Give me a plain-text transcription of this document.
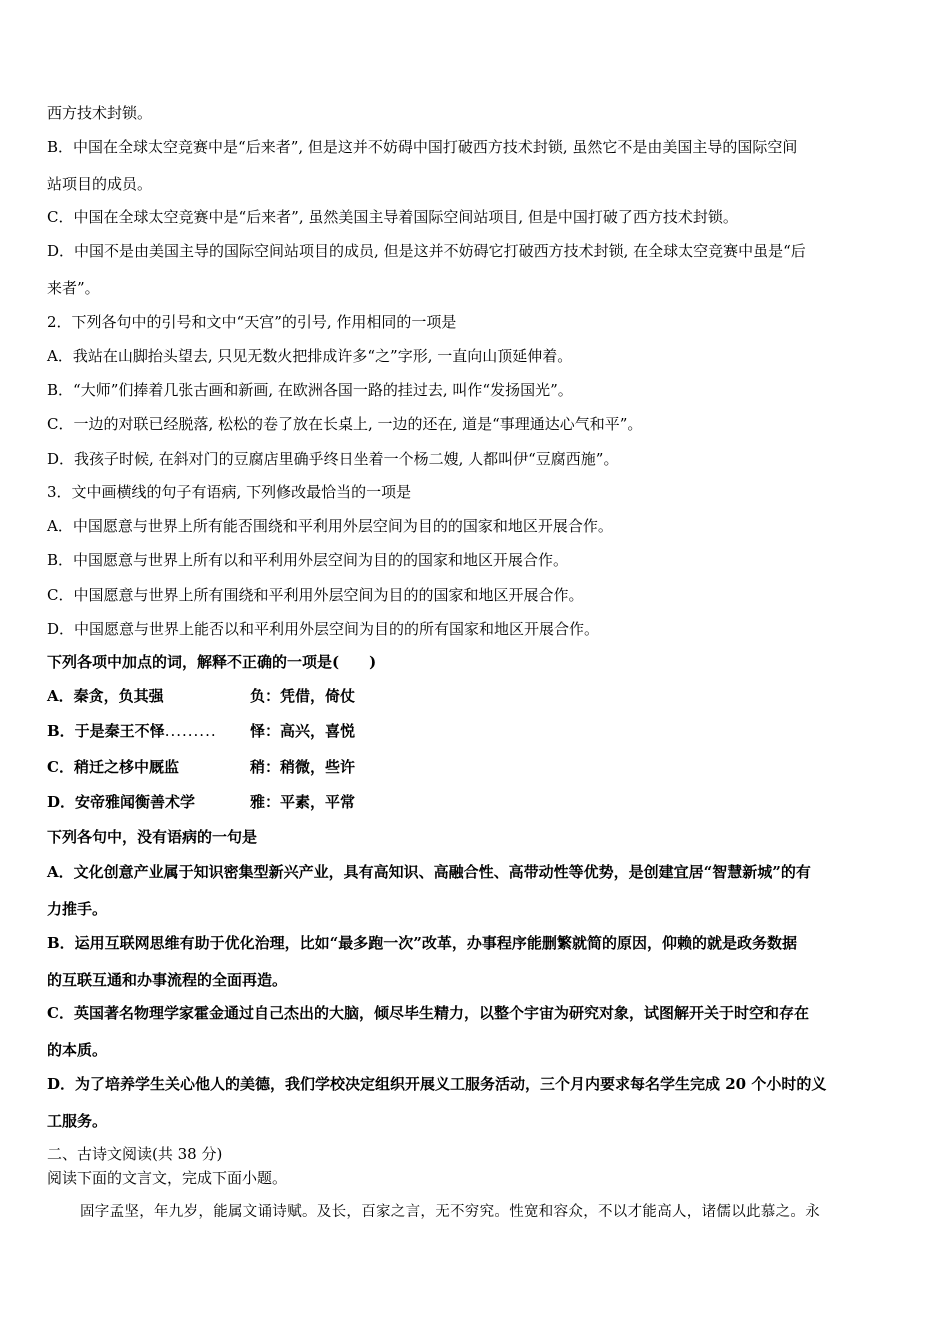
西方技术封锁。
B．中国在全球太空竞赛中是“后来者”, 但是这并不妨碍中国打破西方技术封锁, 虽然它不是由美国主导的国际空间
站项目的成员。
C．中国在全球太空竞赛中是“后来者”, 虽然美国主导着国际空间站项目, 但是中国打破了西方技术封锁。
D．中国不是由美国主导的国际空间站项目的成员, 但是这并不妨碍它打破西方技术封锁, 在全球太空竞赛中虽是“后
来者”。
2．下列各句中的引号和文中“天宫”的引号, 作用相同的一项是
A．我站在山脚抬头望去, 只见无数火把排成许多“之”字形, 一直向山顶延伸着。
B．“大师”们捧着几张古画和新画, 在欧洲各国一路的挂过去, 叫作“发扬国光”。
C．一边的对联已经脱落, 松松的卷了放在长桌上, 一边的还在, 道是“事理通达心气和平”。
D．我孩子时候, 在斜对门的豆腐店里确乎终日坐着一个杨二嫂, 人都叫伊“豆腐西施”。
3．文中画横线的句子有语病, 下列修改最恰当的一项是
A．中国愿意与世界上所有能否围绕和平利用外层空间为目的的国家和地区开展合作。
B．中国愿意与世界上所有以和平利用外层空间为目的的国家和地区开展合作。
C．中国愿意与世界上所有围绕和平利用外层空间为目的的国家和地区开展合作。
D．中国愿意与世界上能否以和平利用外层空间为目的的所有国家和地区开展合作。
下列各项中加点的词，解释不正确的一项是(　　)
A．秦贪，负其强	负：凭借，倚仗
B．于是秦王不怿......... 怿：高兴，喜悦
C．稍迁之栘中厩监	稍：稍微，些许
D．安帝雅闻衡善术学	雅：平素，平常
下列各句中，没有语病的一句是
A．文化创意产业属于知识密集型新兴产业，具有高知识、高融合性、高带动性等优势，是创建宜居“智慧新城”的有
力推手。
B．运用互联网思维有助于优化治理，比如“最多跑一次”改革，办事程序能删繁就简的原因，仰赖的就是政务数据
的互联互通和办事流程的全面再造。
C．英国著名物理学家霍金通过自己杰出的大脑，倾尽毕生精力，以整个宇宙为研究对象，试图解开关于时空和存在
的本质。
D．为了培养学生关心他人的美德，我们学校决定组织开展义工服务活动，三个月内要求每名学生完成 20 个小时的义
工服务。
二、古诗文阅读(共 38 分)
阅读下面的文言文，完成下面小题。
固字孟坚，年九岁，能属文诵诗赋。及长，百家之言，无不穷究。性宽和容众，不以才能高人，诸儒以此慕之。永
